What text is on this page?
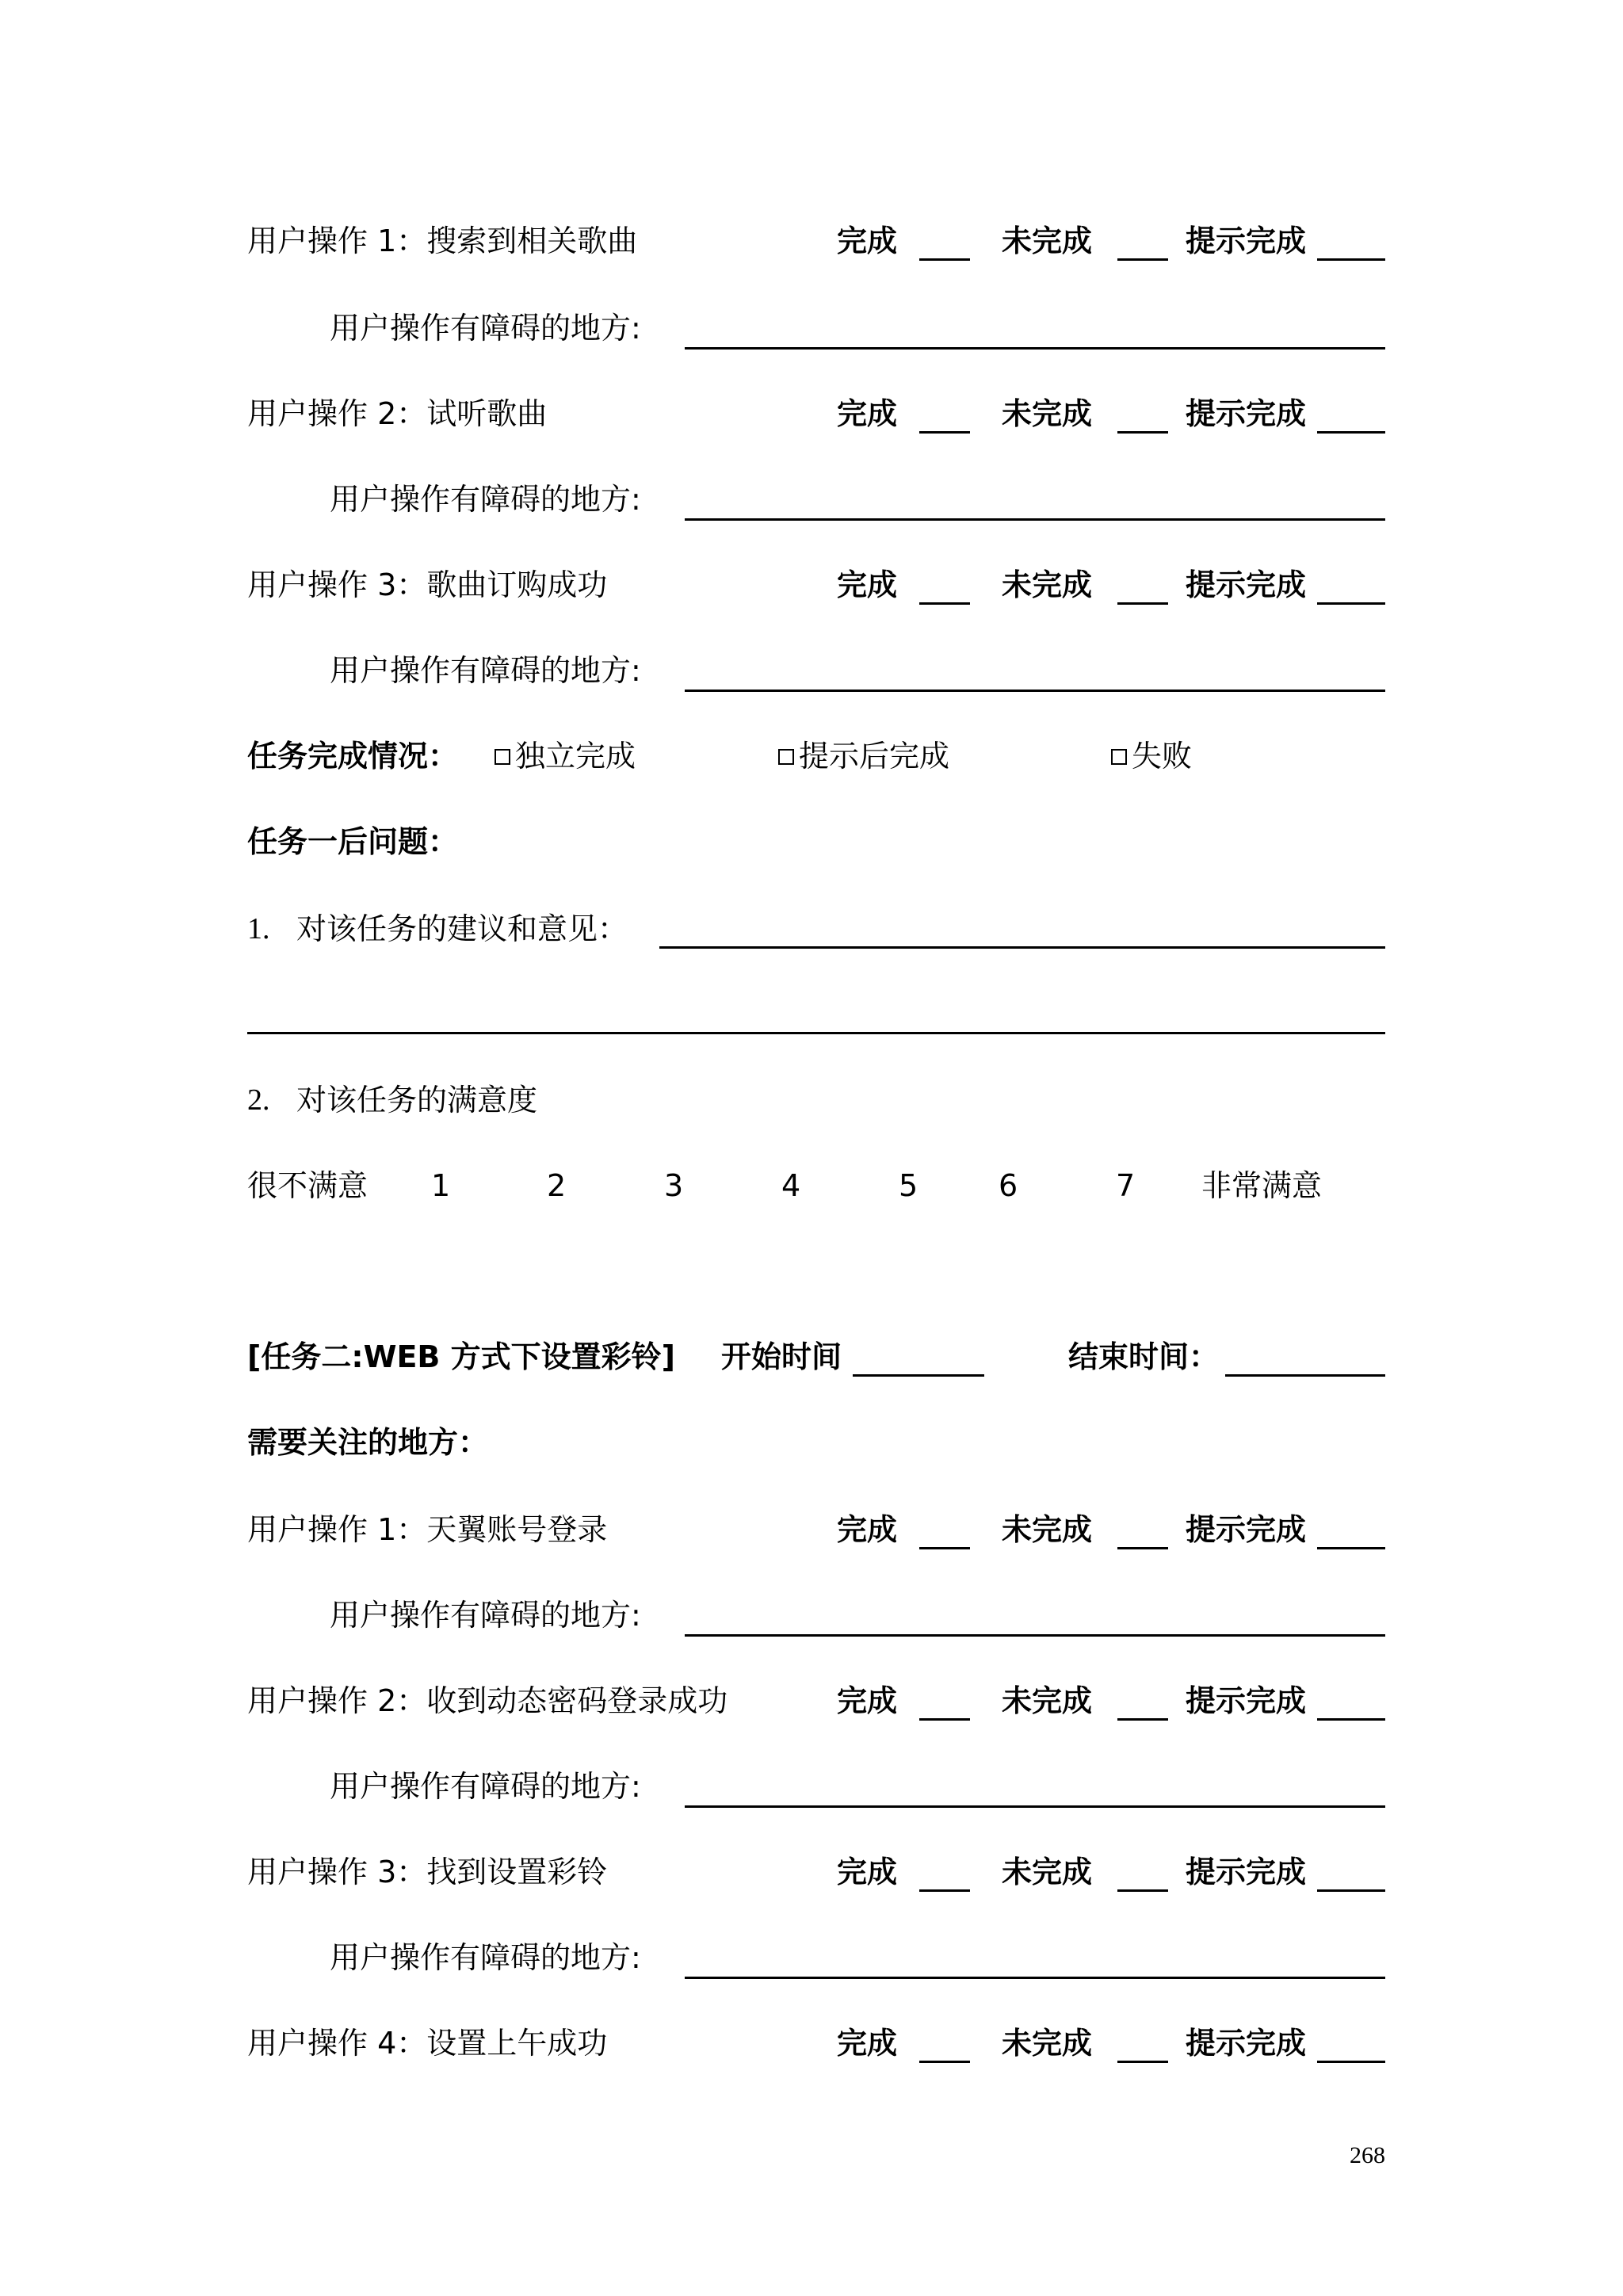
用户操作 1：搜索到相关歌曲	完成	未完成	提示完成
用户操作有障碍的地方:
用户操作 2：试听歌曲	完成	未完成	提示完成
用户操作有障碍的地方:
用户操作 3：歌曲订购成功	完成	未完成	提示完成
用户操作有障碍的地方:
任务完成情况：	独立完成	提示后完成	失败
任务一后问题：
1. 对该任务的建议和意见：
2. 对该任务的满意度
很不满意 1	2	3	4	5	6	7 非常满意
[任务二:WEB 方式下设置彩铃] 开始时间	结束时间：
需要关注的地方：
用户操作 1：天翼账号登录	完成	未完成	提示完成
用户操作有障碍的地方:
用户操作 2：收到动态密码登录成功	完成	未完成	提示完成
用户操作有障碍的地方:
用户操作 3：找到设置彩铃	完成	未完成	提示完成
用户操作有障碍的地方:
用户操作 4：设置上午成功	完成	未完成	提示完成
268
